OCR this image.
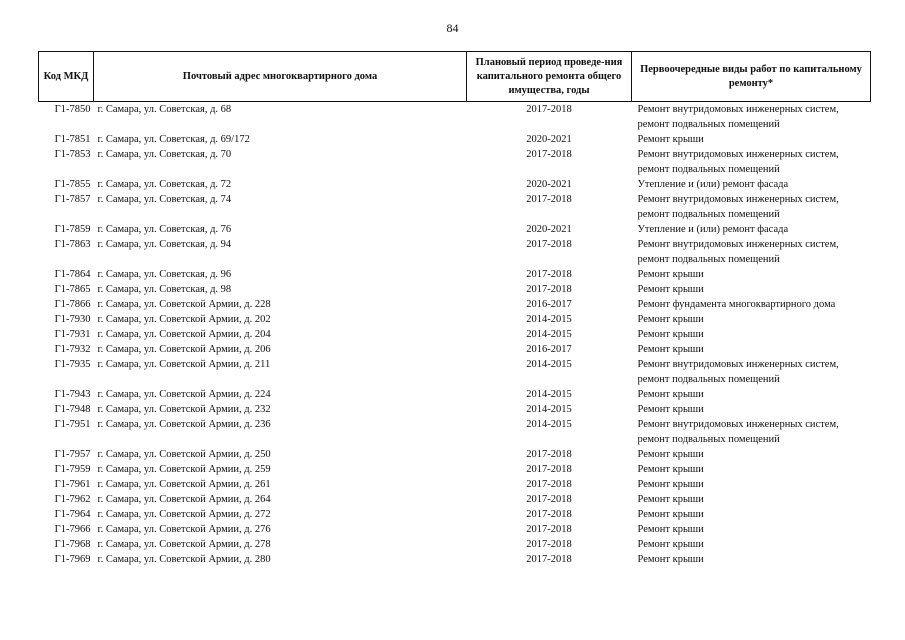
84
Код МКД	Почтовый адрес многоквартирного дома	Плановый период проведе-ния капитального ремонта общего имущества, годы	Первоочередные виды работ по капитальному ремонту*
Г1-7850	г. Самара, ул. Советская, д. 68	2017-2018	Ремонт внутридомовых инженерных систем,
ремонт подвальных помещений

Г1-7851	г. Самара, ул. Советская, д. 69/172	2020-2021	Ремонт крыши

Г1-7853	г. Самара, ул. Советская, д. 70	2017-2018	Ремонт внутридомовых инженерных систем,
ремонт подвальных помещений

Г1-7855	г. Самара, ул. Советская, д. 72	2020-2021	Утепление и (или) ремонт фасада

Г1-7857	г. Самара, ул. Советская, д. 74	2017-2018	Ремонт внутридомовых инженерных систем,
ремонт подвальных помещений

Г1-7859	г. Самара, ул. Советская, д. 76	2020-2021	Утепление и (или) ремонт фасада

Г1-7863	г. Самара, ул. Советская, д. 94	2017-2018	Ремонт внутридомовых инженерных систем,
ремонт подвальных помещений

Г1-7864	г. Самара, ул. Советская, д. 96	2017-2018	Ремонт крыши

Г1-7865	г. Самара, ул. Советская, д. 98	2017-2018	Ремонт крыши

Г1-7866	г. Самара, ул. Советской Армии, д. 228	2016-2017	Ремонт фундамента многоквартирного дома

Г1-7930	г. Самара, ул. Советской Армии, д. 202	2014-2015	Ремонт крыши

Г1-7931	г. Самара, ул. Советской Армии, д. 204	2014-2015	Ремонт крыши

Г1-7932	г. Самара, ул. Советской Армии, д. 206	2016-2017	Ремонт крыши

Г1-7935	г. Самара, ул. Советской Армии, д. 211	2014-2015	Ремонт внутридомовых инженерных систем,
ремонт подвальных помещений

Г1-7943	г. Самара, ул. Советской Армии, д. 224	2014-2015	Ремонт крыши

Г1-7948	г. Самара, ул. Советской Армии, д. 232	2014-2015	Ремонт крыши

Г1-7951	г. Самара, ул. Советской Армии, д. 236	2014-2015	Ремонт внутридомовых инженерных систем,
ремонт подвальных помещений

Г1-7957	г. Самара, ул. Советской Армии, д. 250	2017-2018	Ремонт крыши

Г1-7959	г. Самара, ул. Советской Армии, д. 259	2017-2018	Ремонт крыши

Г1-7961	г. Самара, ул. Советской Армии, д. 261	2017-2018	Ремонт крыши

Г1-7962	г. Самара, ул. Советской Армии, д. 264	2017-2018	Ремонт крыши

Г1-7964	г. Самара, ул. Советской Армии, д. 272	2017-2018	Ремонт крыши

Г1-7966	г. Самара, ул. Советской Армии, д. 276	2017-2018	Ремонт крыши

Г1-7968	г. Самара, ул. Советской Армии, д. 278	2017-2018	Ремонт крыши

Г1-7969	г. Самара, ул. Советской Армии, д. 280	2017-2018	Ремонт крыши
